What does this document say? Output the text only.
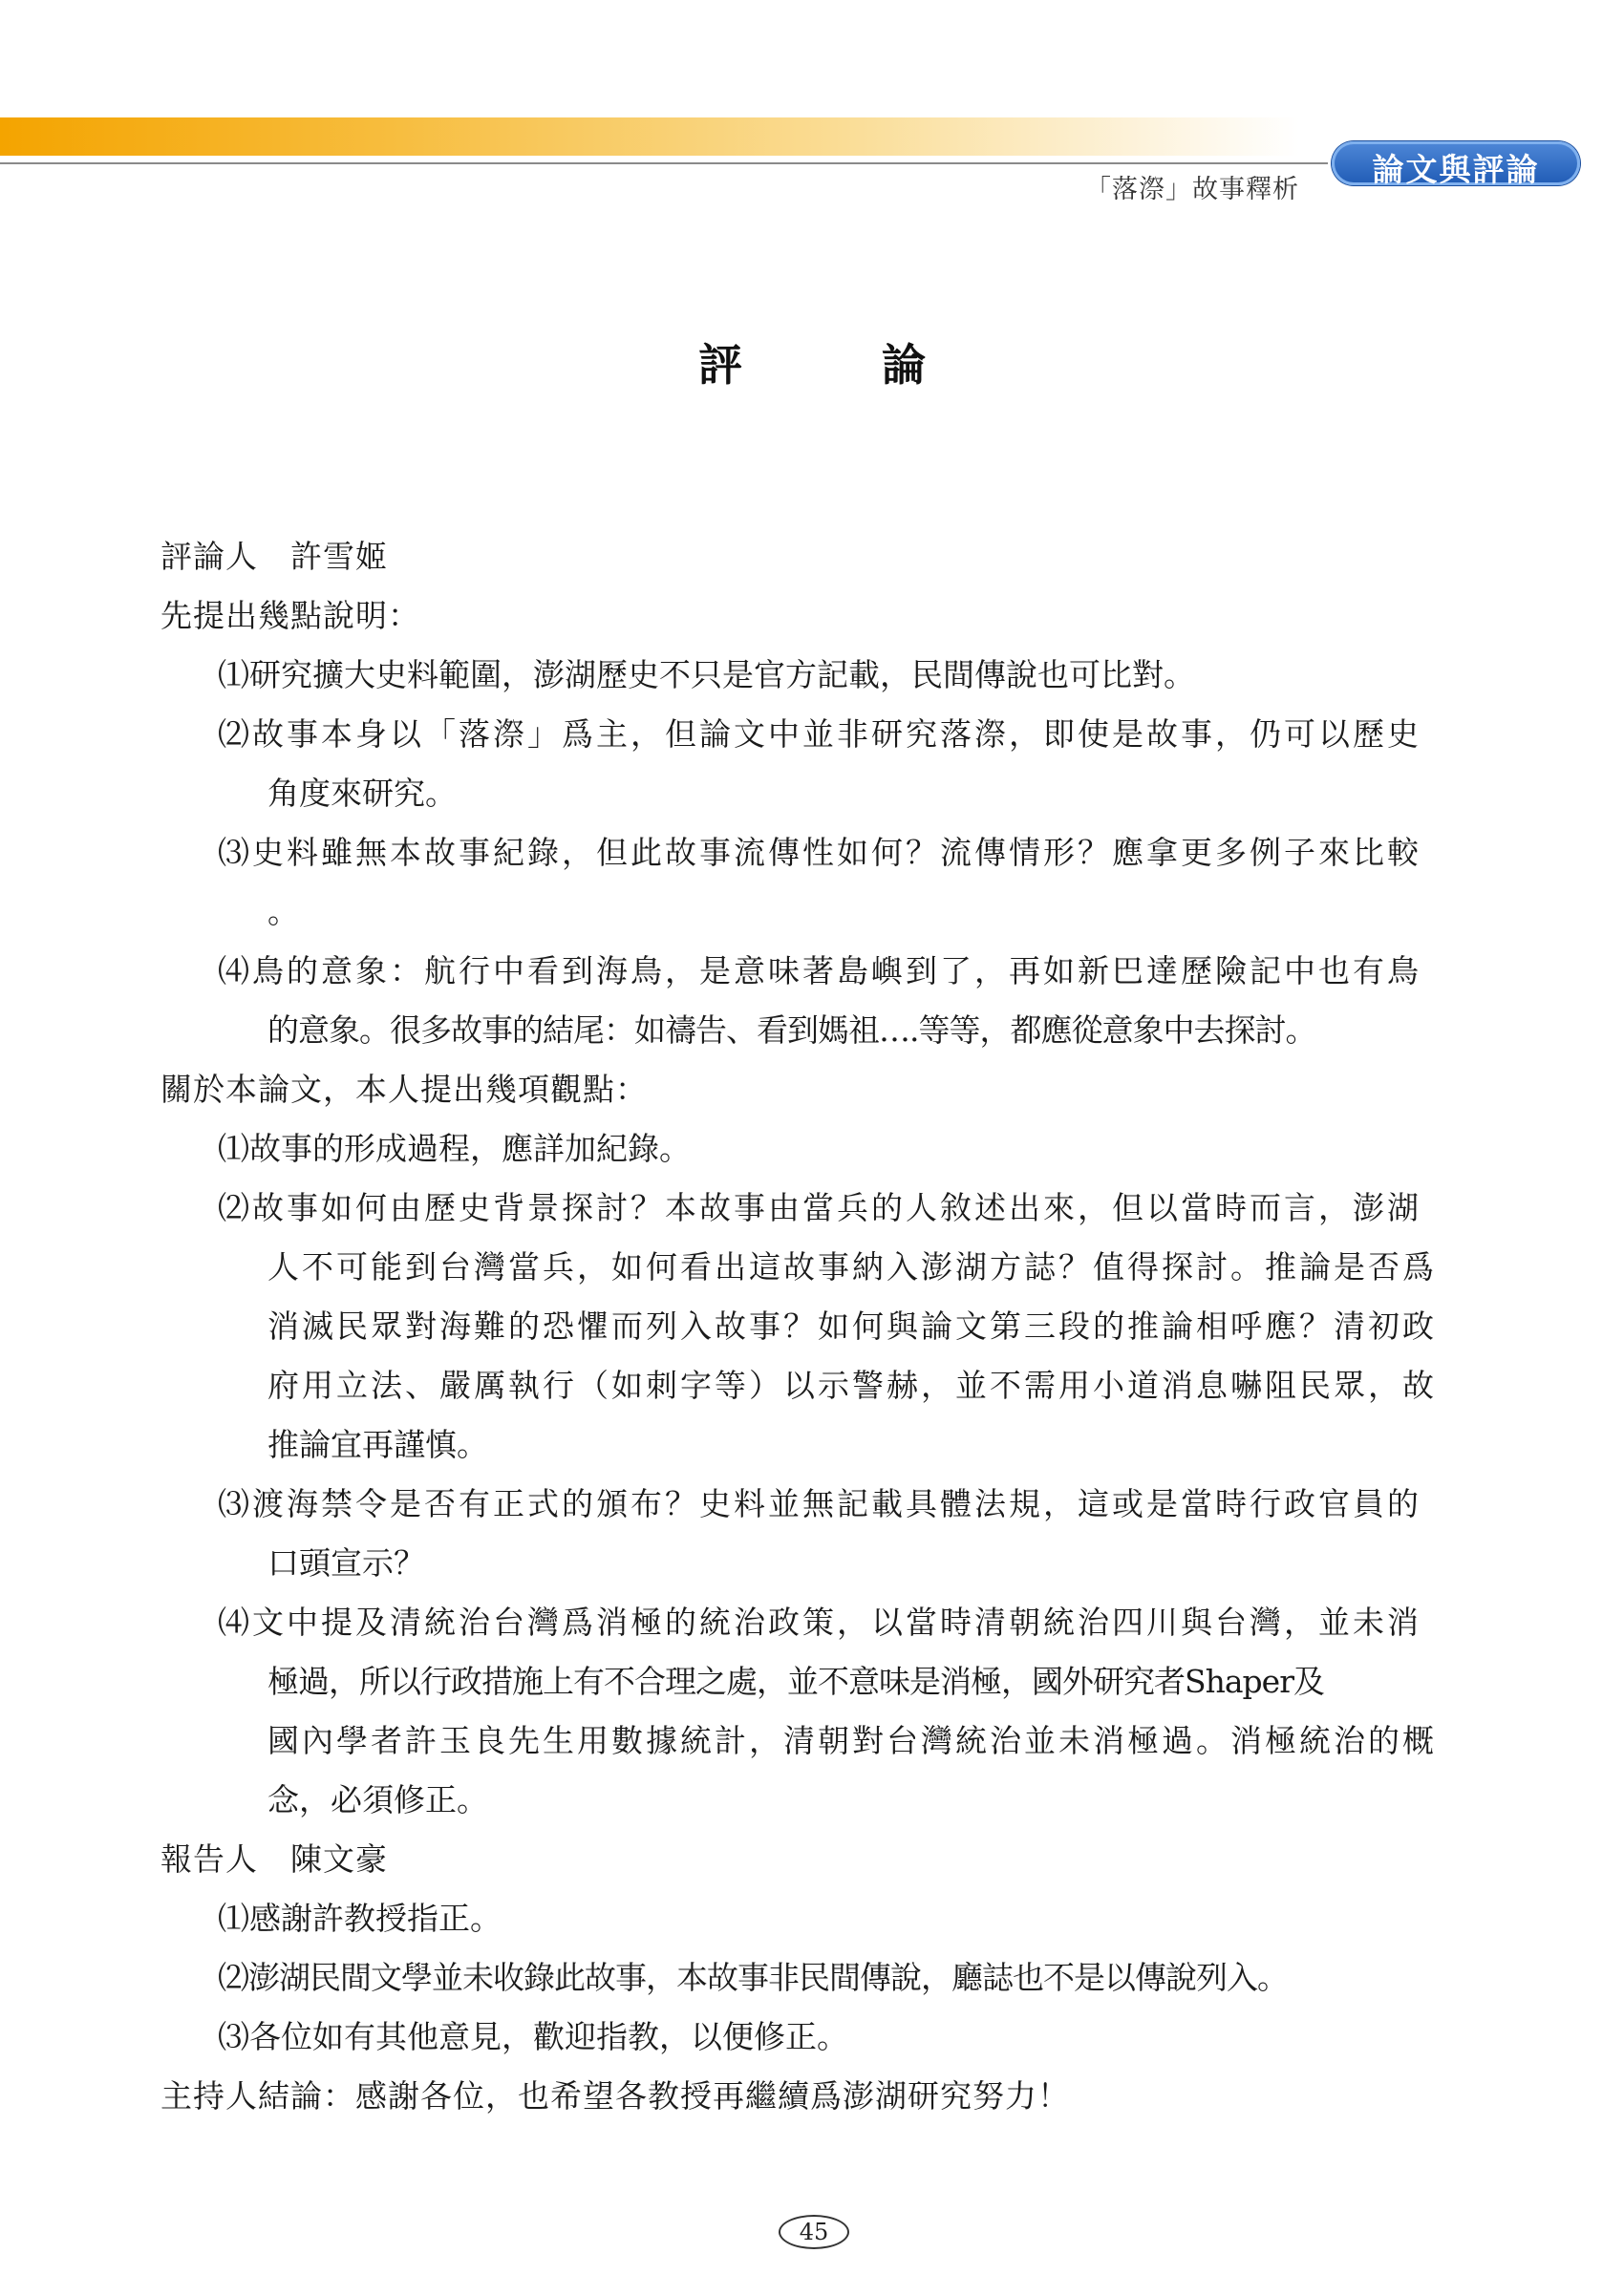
「落漈」故事釋析
論文與評論
評　論
評論人　許雪姬
先提出幾點說明：
⑴研究擴大史料範圍，澎湖歷史不只是官方記載，民間傳說也可比對。
⑵故事本身以「落漈」爲主，但論文中並非研究落漈，即使是故事，仍可以歷史
角度來研究。
⑶史料雖無本故事紀錄，但此故事流傳性如何？流傳情形？應拿更多例子來比較
。
⑷鳥的意象：航行中看到海鳥，是意味著島嶼到了，再如新巴達歷險記中也有鳥
的意象。很多故事的結尾：如禱告、看到媽祖….等等，都應從意象中去探討。
關於本論文，本人提出幾項觀點：
⑴故事的形成過程，應詳加紀錄。
⑵故事如何由歷史背景探討？本故事由當兵的人敘述出來，但以當時而言，澎湖
人不可能到台灣當兵，如何看出這故事納入澎湖方誌？值得探討。推論是否爲
消滅民眾對海難的恐懼而列入故事？如何與論文第三段的推論相呼應？清初政
府用立法、嚴厲執行（如刺字等）以示警赫，並不需用小道消息嚇阻民眾，故
推論宜再謹慎。
⑶渡海禁令是否有正式的頒布？史料並無記載具體法規，這或是當時行政官員的
口頭宣示？
⑷文中提及清統治台灣爲消極的統治政策，以當時清朝統治四川與台灣，並未消
極過，所以行政措施上有不合理之處，並不意味是消極，國外研究者Shaper及
國內學者許玉良先生用數據統計，清朝對台灣統治並未消極過。消極統治的概
念，必須修正。
報告人　陳文豪
⑴感謝許教授指正。
⑵澎湖民間文學並未收錄此故事，本故事非民間傳說，廳誌也不是以傳說列入。
⑶各位如有其他意見，歡迎指教，以便修正。
主持人結論：感謝各位，也希望各教授再繼續爲澎湖研究努力！
45
